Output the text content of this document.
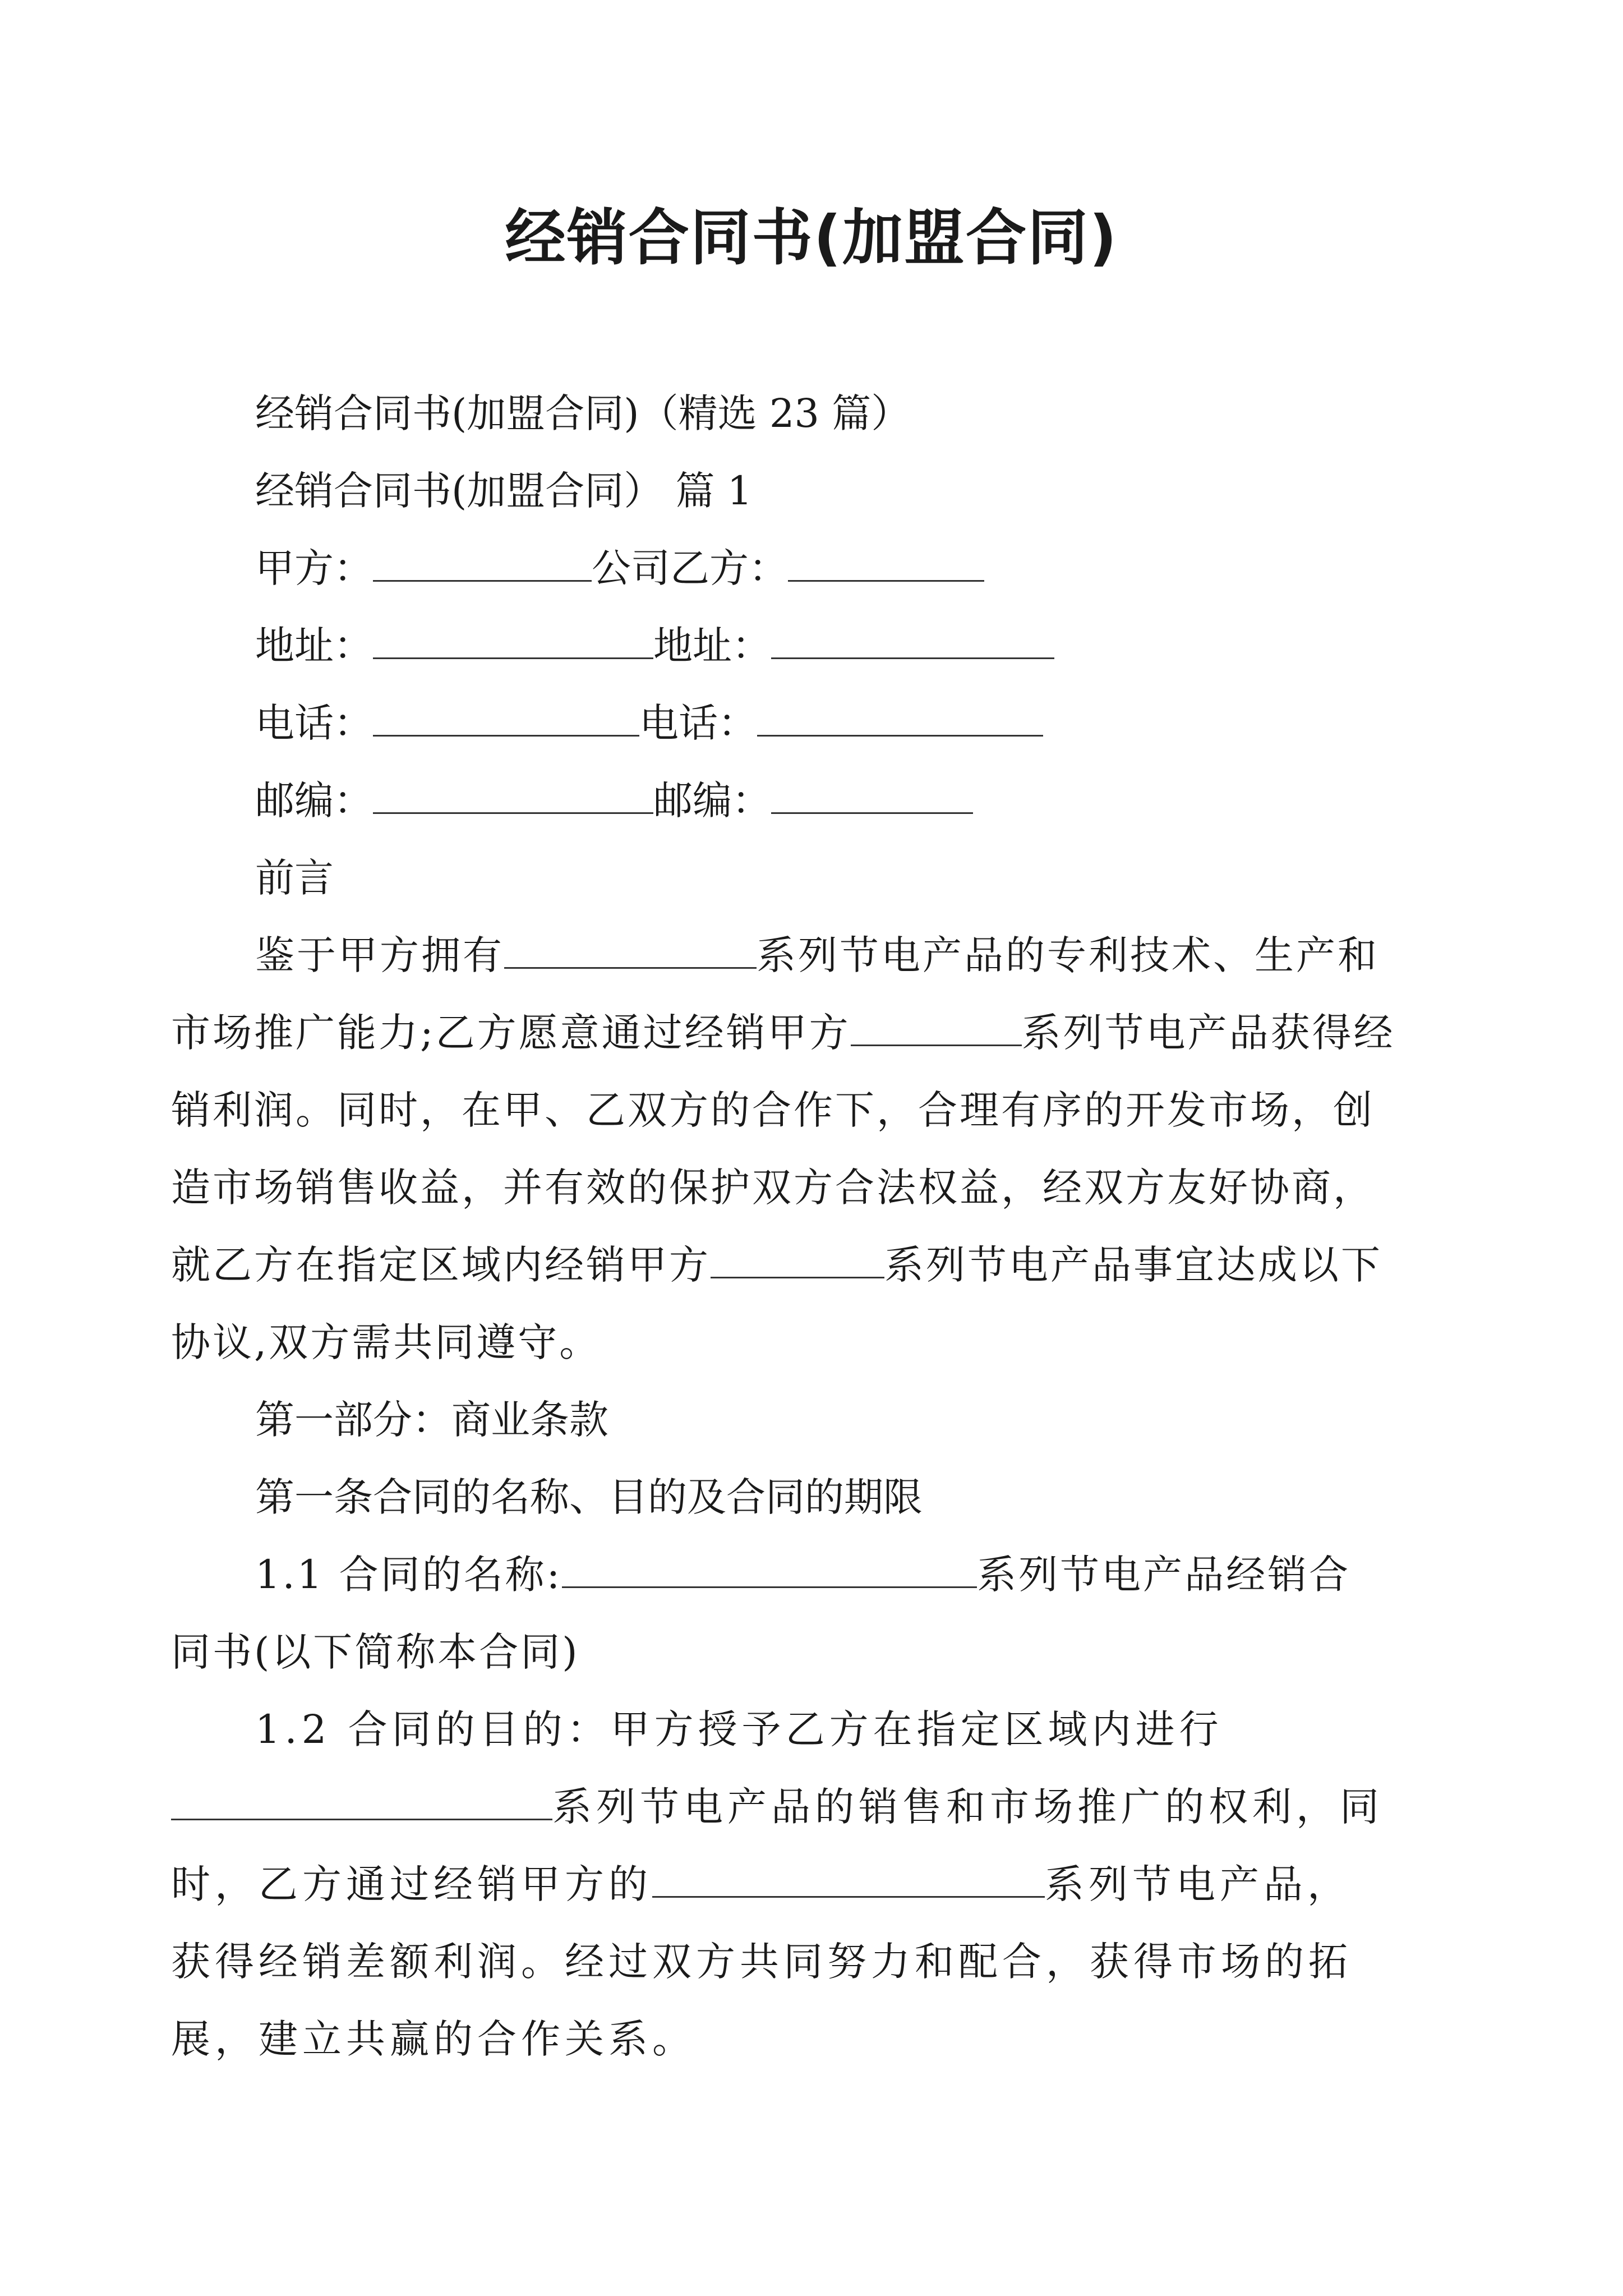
经销合同书(加盟合同)

经销合同书(加盟合同)（精选 23 篇）

经销合同书(加盟合同） 篇 1

甲方：	公司乙方：

地址：	地址：

电话：	电话：

邮编：	邮编：

前言

鉴于甲方拥有	系列节电产品的专利技术、生产和市场推广能力;乙方愿意通过经销甲方	系列节电产品获得经销利润。同时，在甲、乙双方的合作下，合理有序的开发市场，创造市场销售收益，并有效的保护双方合法权益，经双方友好协商，就乙方在指定区域内经销甲方	系列节电产品事宜达成以下协议,双方需共同遵守。

第一部分：商业条款

第一条合同的名称、目的及合同的期限

1.1 合同的名称:	系列节电产品经销合同书(以下简称本合同)

1.2 合同的目的：甲方授予乙方在指定区域内进行系列节电产品的销售和市场推广的权利，同时，乙方通过经销甲方的	系列节电产品，获得经销差额利润。经过双方共同努力和配合，获得市场的拓展，建立共赢的合作关系。
